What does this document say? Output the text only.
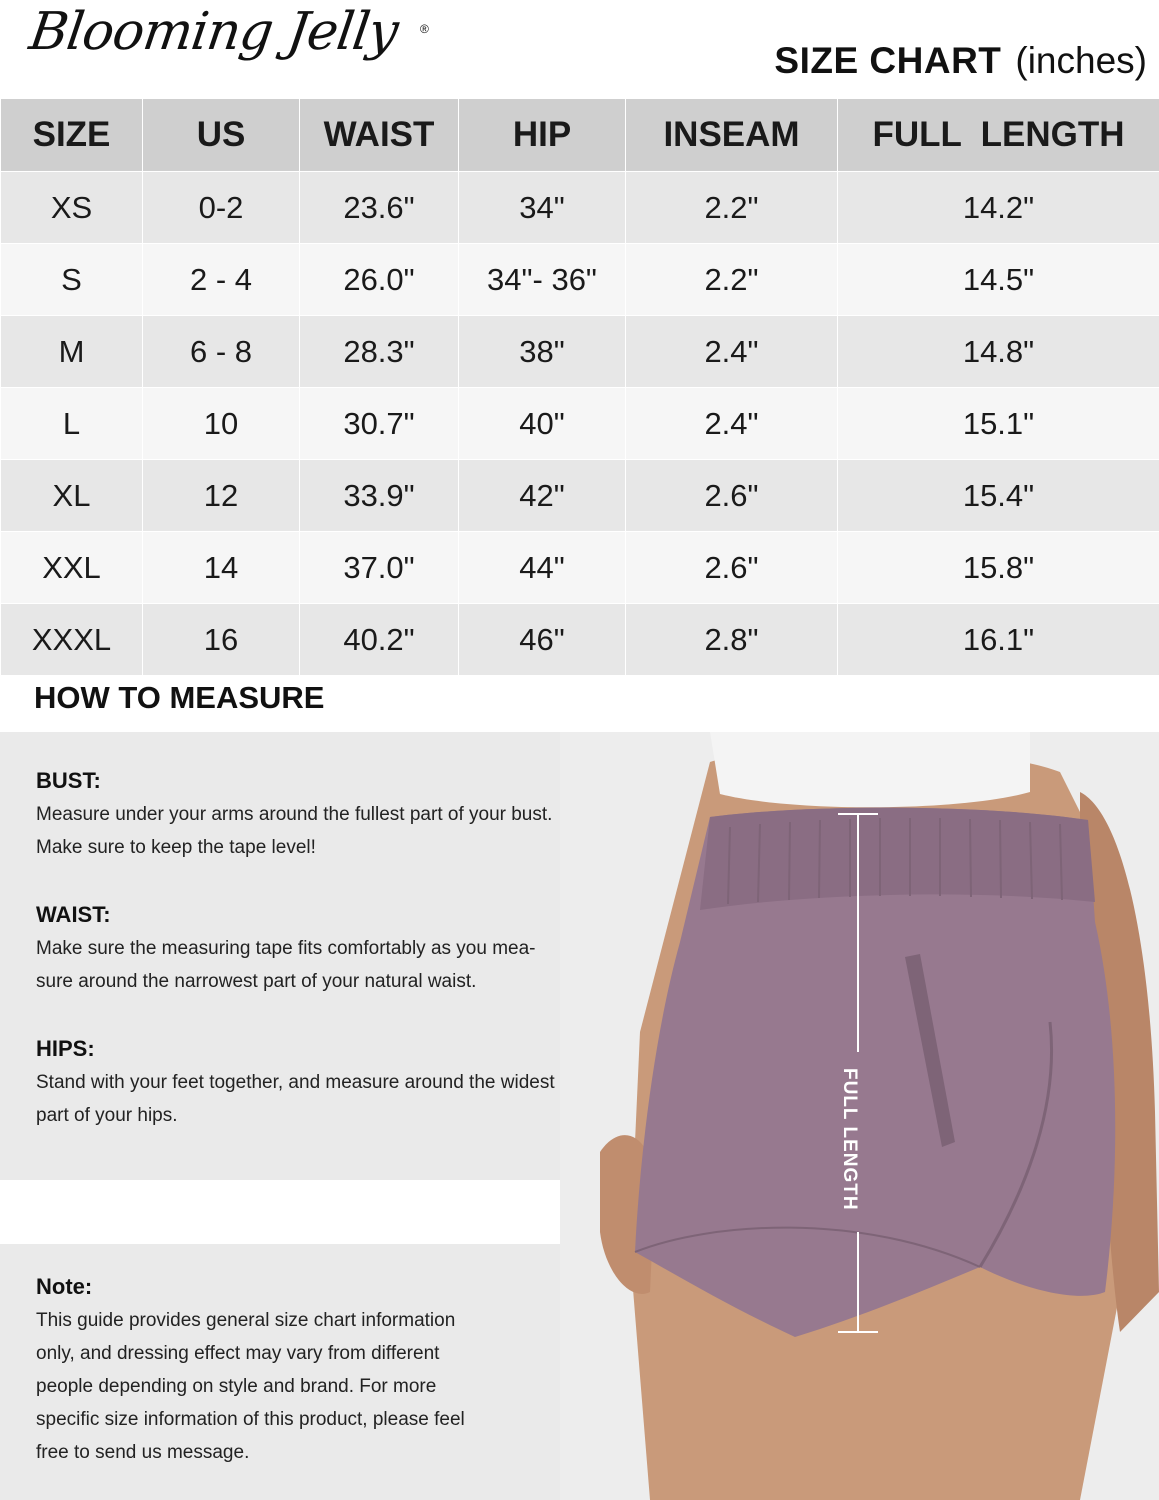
Blooming Jelly ®
SIZE CHART (inches)
SIZE	US	WAIST	HIP	INSEAM	FULL  LENGTH
XS	0-2	23.6"	34"	2.2"	14.2"
S	2 - 4	26.0"	34"- 36"	2.2"	14.5"
M	6 - 8	28.3"	38"	2.4"	14.8"
L	10	30.7"	40"	2.4"	15.1"
XL	12	33.9"	42"	2.6"	15.4"
XXL	14	37.0"	44"	2.6"	15.8"
XXXL	16	40.2"	46"	2.8"	16.1"
HOW TO MEASURE
FULL LENGTH
BUST:

Measure under your arms around the fullest part of your bust.

Make sure to keep the tape level!

WAIST:

Make sure the measuring tape fits comfortably as you mea-

sure around the narrowest part of your natural waist.

HIPS:

Stand with your feet together, and measure around the widest

part of your hips.

Note:

This guide provides general size chart information

only, and dressing effect may vary from different

people depending on style and brand. For more

specific size information of this product, please feel

free to send us message.
